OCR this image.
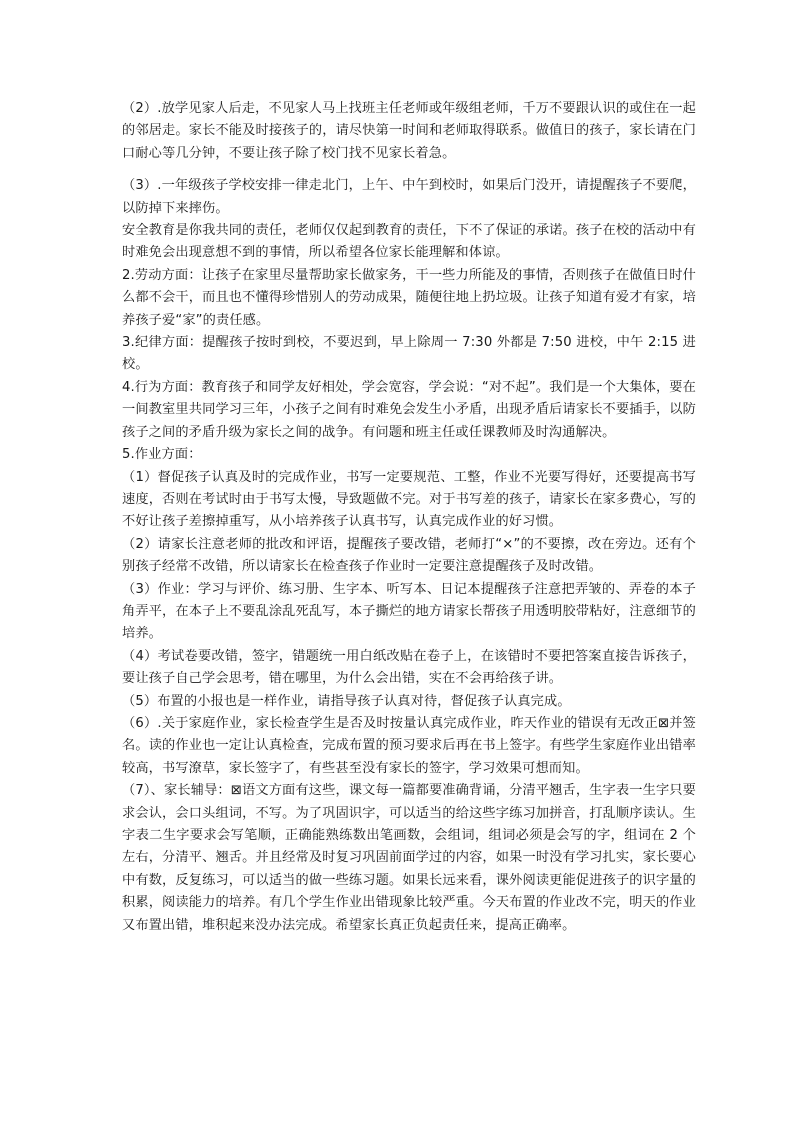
（2）.放学见家人后走，不见家人马上找班主任老师或年级组老师，千万不要跟认识的或住在一起的邻居走。家长不能及时接孩子的，请尽快第一时间和老师取得联系。做值日的孩子，家长请在门口耐心等几分钟，不要让孩子除了校门找不见家长着急。

（3）.一年级孩子学校安排一律走北门，上午、中午到校时，如果后门没开，请提醒孩子不要爬，以防掉下来摔伤。

安全教育是你我共同的责任，老师仅仅起到教育的责任，下不了保证的承诺。孩子在校的活动中有时难免会出现意想不到的事情，所以希望各位家长能理解和体谅。

2.劳动方面：让孩子在家里尽量帮助家长做家务，干一些力所能及的事情，否则孩子在做值日时什么都不会干，而且也不懂得珍惜别人的劳动成果，随便往地上扔垃圾。让孩子知道有爱才有家，培养孩子爱“家”的责任感。

3.纪律方面：提醒孩子按时到校，不要迟到，早上除周一 7:30 外都是 7:50 进校，中午 2:15 进校。

4.行为方面：教育孩子和同学友好相处，学会宽容，学会说：“对不起”。我们是一个大集体，要在一间教室里共同学习三年，小孩子之间有时难免会发生小矛盾，出现矛盾后请家长不要插手，以防孩子之间的矛盾升级为家长之间的战争。有问题和班主任或任课教师及时沟通解决。

5.作业方面：

（1）督促孩子认真及时的完成作业，书写一定要规范、工整，作业不光要写得好，还要提高书写速度，否则在考试时由于书写太慢，导致题做不完。对于书写差的孩子，请家长在家多费心，写的不好让孩子差擦掉重写，从小培养孩子认真书写，认真完成作业的好习惯。

（2）请家长注意老师的批改和评语，提醒孩子要改错，老师打“×”的不要擦，改在旁边。还有个别孩子经常不改错，所以请家长在检查孩子作业时一定要注意提醒孩子及时改错。

（3）作业：学习与评价、练习册、生字本、听写本、日记本提醒孩子注意把弄皱的、弄卷的本子角弄平，在本子上不要乱涂乱死乱写，本子撕烂的地方请家长帮孩子用透明胶带粘好，注意细节的培养。

（4）考试卷要改错，签字，错题统一用白纸改贴在卷子上，在该错时不要把答案直接告诉孩子，要让孩子自己学会思考，错在哪里，为什么会出错，实在不会再给孩子讲。

（5）布置的小报也是一样作业，请指导孩子认真对待，督促孩子认真完成。

（6）.关于家庭作业，家长检查学生是否及时按量认真完成作业，昨天作业的错误有无改正⊠并签名。读的作业也一定让认真检查，完成布置的预习要求后再在书上签字。有些学生家庭作业出错率较高，书写潦草，家长签字了，有些甚至没有家长的签字，学习效果可想而知。

（7）、家长辅导：⊠语文方面有这些，课文每一篇都要准确背诵，分清平翘舌，生字表一生字只要求会认，会口头组词，不写。为了巩固识字，可以适当的给这些字练习加拼音，打乱顺序读认。生字表二生字要求会写笔顺，正确能熟练数出笔画数，会组词，组词必须是会写的字，组词在 2 个左右，分清平、翘舌。并且经常及时复习巩固前面学过的内容，如果一时没有学习扎实，家长要心中有数，反复练习，可以适当的做一些练习题。如果长远来看，课外阅读更能促进孩子的识字量的积累，阅读能力的培养。有几个学生作业出错现象比较严重。今天布置的作业改不完，明天的作业又布置出错，堆积起来没办法完成。希望家长真正负起责任来，提高正确率。
